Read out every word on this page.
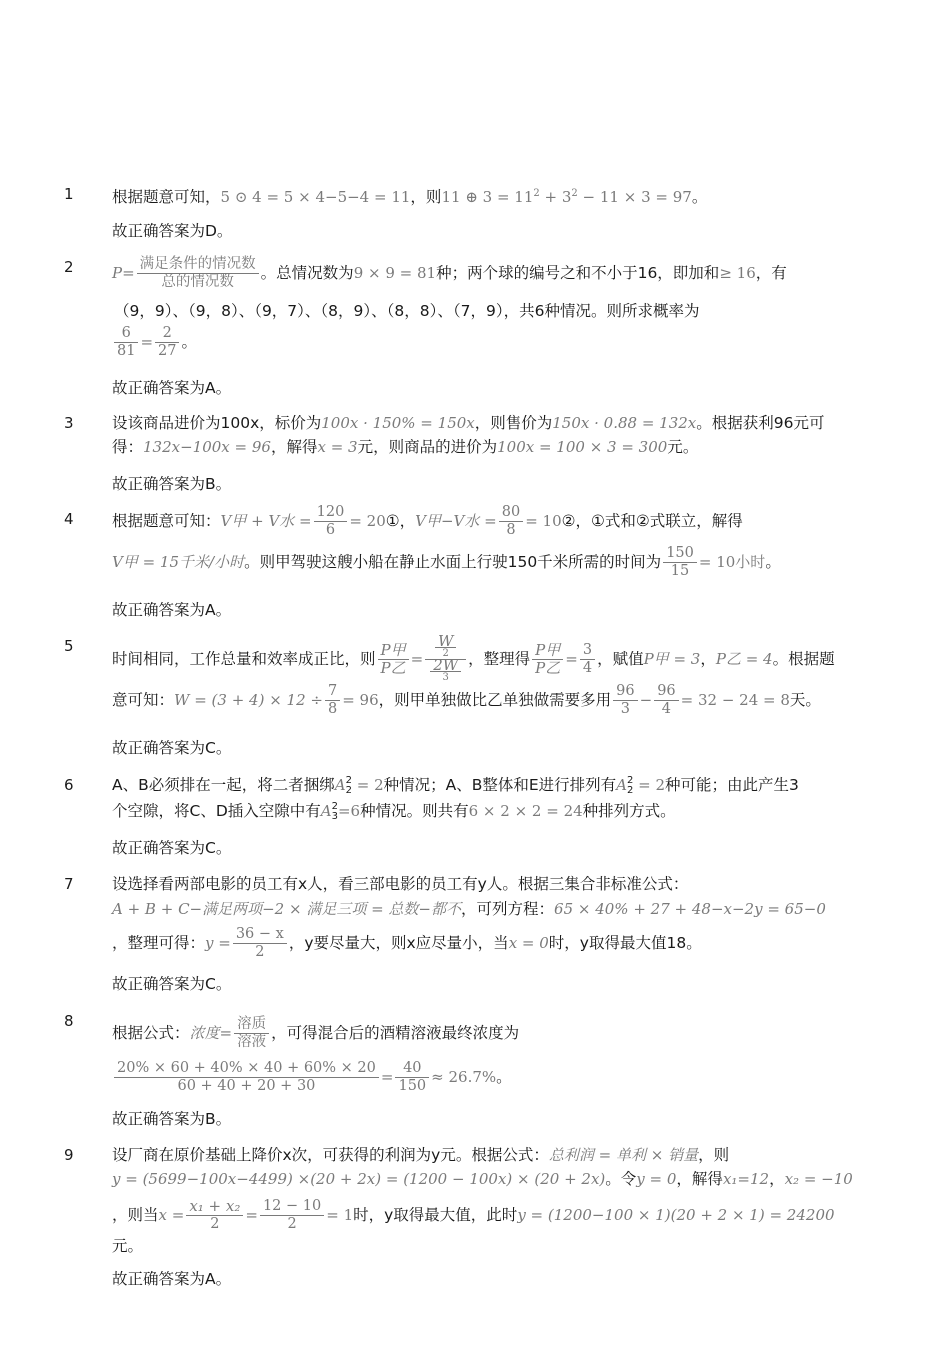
1 根据题意可知，5 ⊙ 4 = 5 × 4−5−4 = 11，则11 ⊕ $3 = 11^2 + 3^2 - 11 \times 3 = 97$。
故正确答案为D。
2	$P= \frac{\text{满足条件的情况数}}{\text{总的情况数}}$ 。总情况数为9 × 9 = 81种；两个球的编号之和不小于16，即加和≥ 16，有
（9，9）、（9，8）、（9，7）、（8，9）、（8，8）、（7，9），共6种情况。则所求概率为
$\frac{6}{81} = \frac{2}{27}$ 。
故正确答案为A。
3 设该商品进价为100x，标价为100x · 150% = 150x，则售价为150x · 0.88 = 132x。根据获利96元可
得：132x−100x = 96，解得x = 3元，则商品的进价为100x = 100 × 3 = 300元。
故正确答案为B。
4 根据题意可知：V甲 + V水 = $\frac{120}{6}$ = 20①，V甲−V水 = $\frac{80}{8}$ = 10②，①式和②式联立，解得
V甲 = 15千米/小时。则甲驾驶这艘小船在静止水面上行驶150千米所需的时间为 $\frac{150}{15} = 10$小时。
故正确答案为A。
5
时间相同，工作总量和效率成正比，则 $\frac{\text{P甲}}{\text{P乙}} = \frac{\frac{W}{2}}{\frac{2W}{3}}$ ，整理得 $\frac{\text{P甲}}{\text{P乙}} = \frac{3}{4}$ ，赋值P甲 = 3，P乙 = 4。根据题
意可知：$W = (3 + 4) \times 12 \div \frac{7}{8} = 96$，则甲单独做比乙单独做需要多用 $\frac{96}{3} - \frac{96}{4} = 32 - 24 = 8$天。
故正确答案为C。
6 A、B必须排在一起，将二者捆绑A2
2 = 2种情况；A、B整体和E进行排列有A2
2 = 2种可能；由此产生3
个空隙，将C、D插入空隙中有A2
3=6种情况。则共有6 × 2 × 2 = 24种排列方式。
故正确答案为C。
7 设选择看两部电影的员工有x人，看三部电影的员工有y人。根据三集合非标准公式：
A + B + C−满足两项−2 × 满足三项 = 总数−都不，可列方程：65 × 40% + 27 + 48−x−2y = 65−0
，整理可得：$y = \frac{36 - x}{2}$ ，y要尽量大，则x应尽量小，当x = 0时，y取得最大值18。
故正确答案为C。
8
根据公式：浓度= $\frac{\text{溶质}}{\text{溶液}}$ ，可得混合后的酒精溶液最终浓度为
$\frac{20\% \times 60 + 40\% \times 40 + 60\% \times 20}{60 + 40 + 20 + 30} = \frac{40}{150} \approx 26.7\%$。
故正确答案为B。
9 设厂商在原价基础上降价x次，可获得的利润为y元。根据公式：总利润 = 单利 × 销量，则
y = (5699−100x−4499) ×(20 + 2x) = (1200 − 100x) × (20 + 2x)。令y = 0，解得x₁=12，x₂ = −10
，则当$x = \frac{\text{x₁ + x₂}}{2} = \frac{12 - 10}{2} = 1$时，y取得最大值，此时y = (1200−100 × 1)(20 + 2 × 1) = 24200
元。
故正确答案为A。
